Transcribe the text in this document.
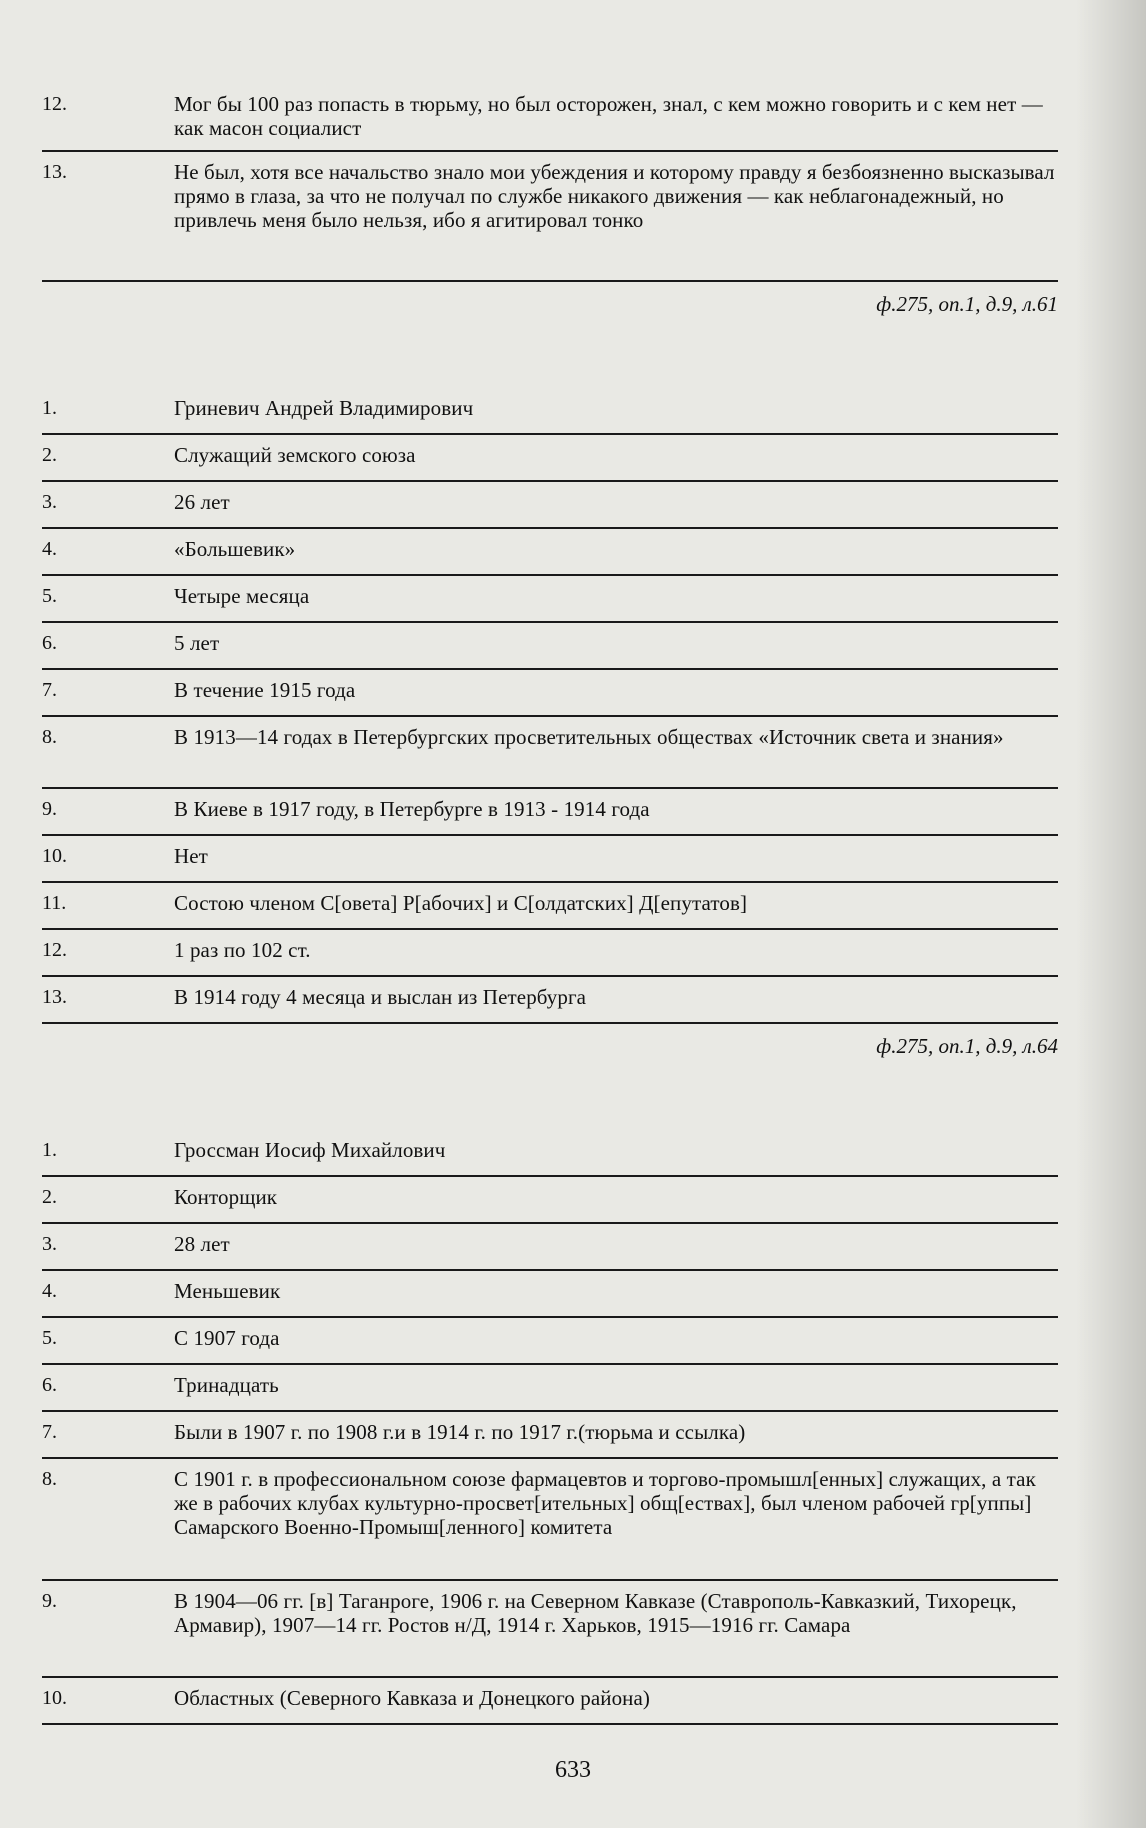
12.	Мог бы 100 раз попасть в тюрьму, но был осторожен, знал, с кем можно говорить и с кем нет — как масон социалист
13.	Не был, хотя все начальство знало мои убеждения и которому правду я безбоязненно высказывал прямо в глаза, за что не получал по службе никакого движения — как неблагонадежный, но привлечь меня было нельзя, ибо я агитировал тонко
ф.275, оп.1, д.9, л.61
1.	Гриневич Андрей Владимирович
2.	Служащий земского союза
3.	26 лет
4.	«Большевик»
5.	Четыре месяца
6.	5 лет
7.	В течение 1915 года
8.	В 1913—14 годах в Петербургских просветительных обществах «Источник света и знания»
9.	В Киеве в 1917 году, в Петербурге в 1913 - 1914 года
10.	Нет
11.	Состою членом С[овета] Р[абочих] и С[олдатских] Д[епутатов]
12.	1 раз по 102 ст.
13.	В 1914 году 4 месяца и выслан из Петербурга
ф.275, оп.1, д.9, л.64
1.	Гроссман Иосиф Михайлович
2.	Конторщик
3.	28 лет
4.	Меньшевик
5.	С 1907 года
6.	Тринадцать
7.	Были в 1907 г. по 1908 г.и в 1914 г. по 1917 г.(тюрьма и ссылка)
8.	С 1901 г. в профессиональном союзе фармацевтов и торгово-промышл[енных] служащих, а так же в рабочих клубах культурно-просвет[ительных] общ[ествах], был членом рабочей гр[уппы] Самарского Военно-Промыш[ленного] комитета
9.	В 1904—06 гг. [в] Таганроге, 1906 г. на Северном Кавказе (Ставрополь-Кавказкий, Тихорецк, Армавир), 1907—14 гг. Ростов н/Д, 1914 г. Харьков, 1915—1916 гг. Самара
10.	Областных (Северного Кавказа и Донецкого района)
633
